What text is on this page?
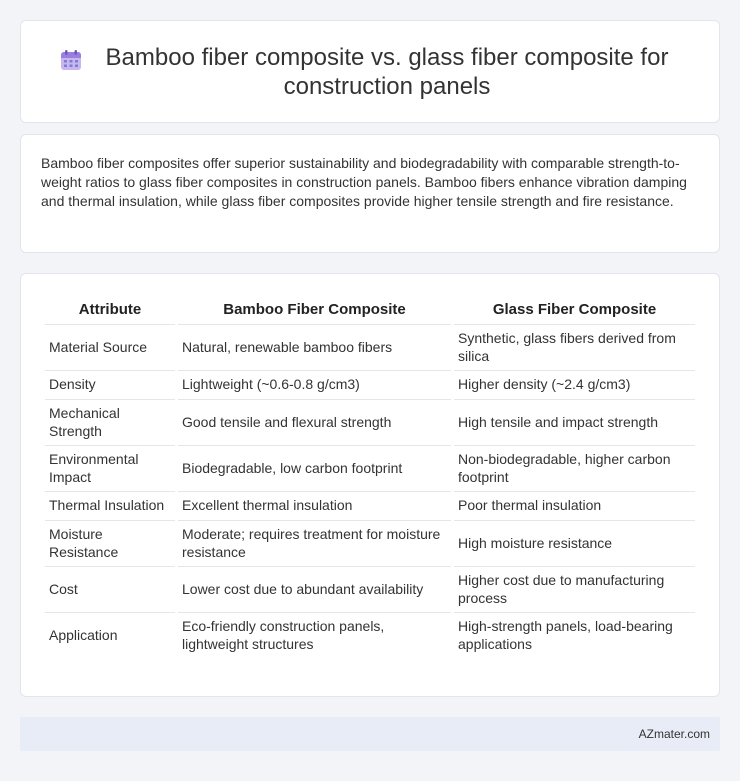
Bamboo fiber composite vs. glass fiber composite for construction panels

Bamboo fiber composites offer superior sustainability and biodegradability with comparable strength-to-weight ratios to glass fiber composites in construction panels. Bamboo fibers enhance vibration damping and thermal insulation, while glass fiber composites provide higher tensile strength and fire resistance.

Attribute	Bamboo Fiber Composite	Glass Fiber Composite
Material Source	Natural, renewable bamboo fibers	Synthetic, glass fibers derived from silica
Density	Lightweight (~0.6-0.8 g/cm3)	Higher density (~2.4 g/cm3)
Mechanical Strength	Good tensile and flexural strength	High tensile and impact strength
Environmental Impact	Biodegradable, low carbon footprint	Non-biodegradable, higher carbon footprint
Thermal Insulation	Excellent thermal insulation	Poor thermal insulation
Moisture Resistance	Moderate; requires treatment for moisture resistance	High moisture resistance
Cost	Lower cost due to abundant availability	Higher cost due to manufacturing process
Application	Eco-friendly construction panels, lightweight structures	High-strength panels, load-bearing applications
AZmater.com
